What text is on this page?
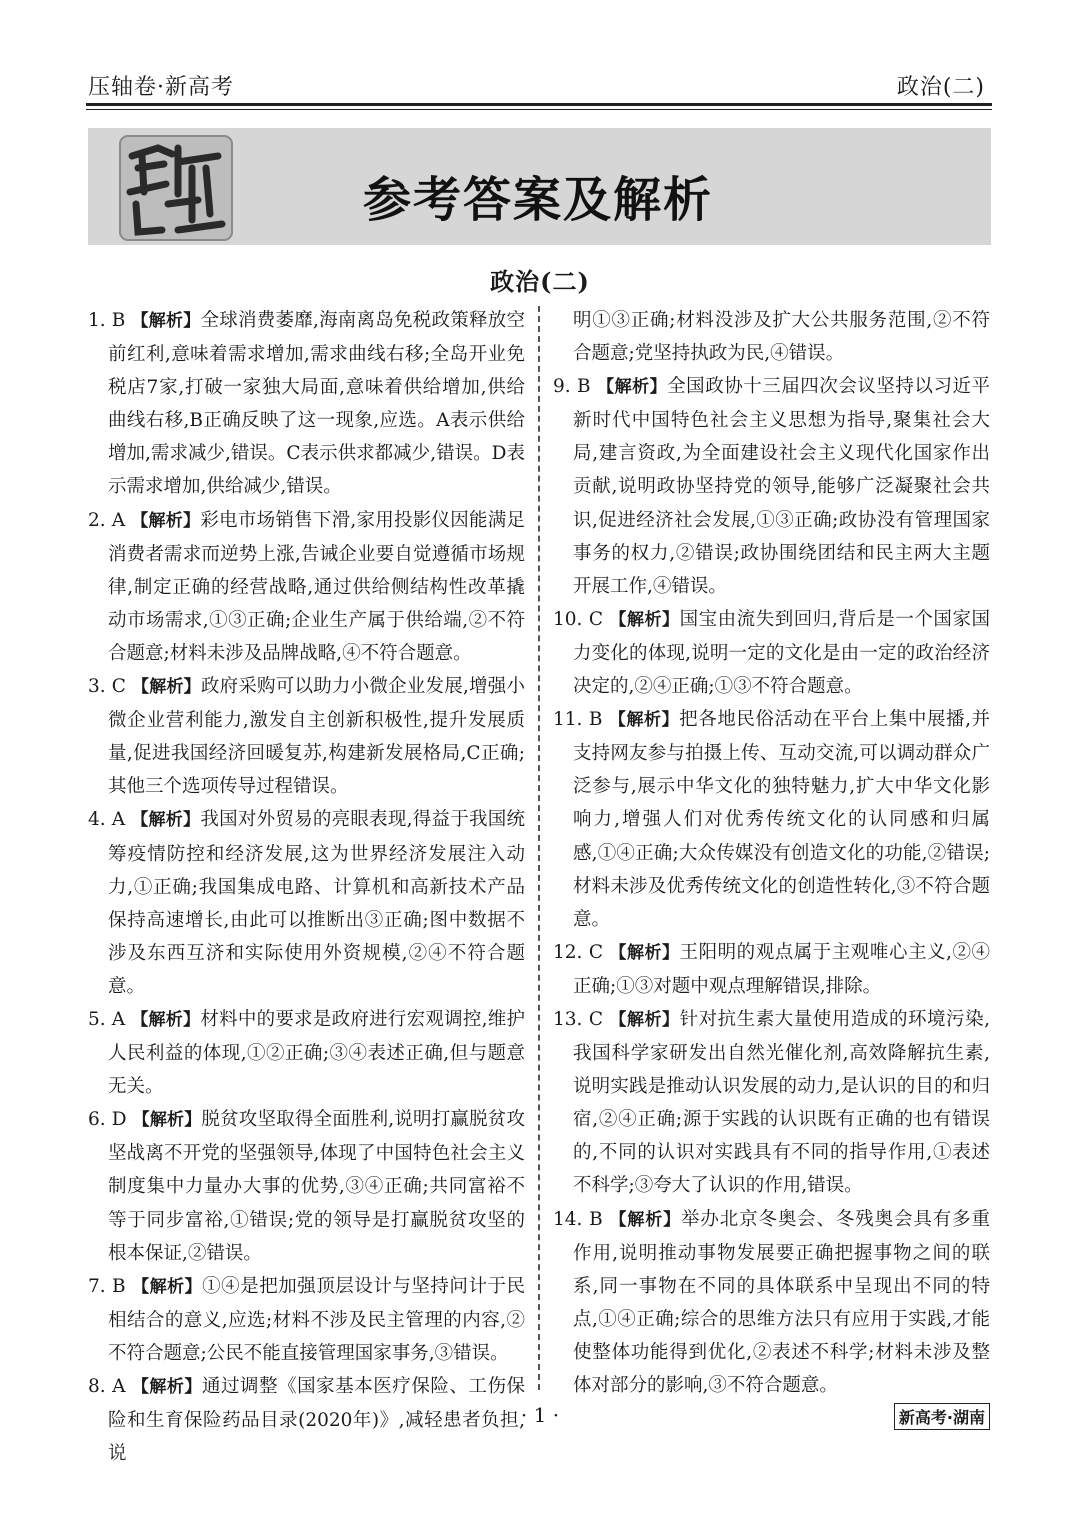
压轴卷·新高考	政治(二)
参考答案及解析
政治(二)
1. B 【解析】全球消费萎靡,海南离岛免税政策释放空前红利,意味着需求增加,需求曲线右移;全岛开业免税店7家,打破一家独大局面,意味着供给增加,供给曲线右移,B正确反映了这一现象,应选。A表示供给增加,需求减少,错误。C表示供求都减少,错误。D表示需求增加,供给减少,错误。
2. A 【解析】彩电市场销售下滑,家用投影仪因能满足消费者需求而逆势上涨,告诫企业要自觉遵循市场规律,制定正确的经营战略,通过供给侧结构性改革撬动市场需求,①③正确;企业生产属于供给端,②不符合题意;材料未涉及品牌战略,④不符合题意。
3. C 【解析】政府采购可以助力小微企业发展,增强小微企业营利能力,激发自主创新积极性,提升发展质量,促进我国经济回暖复苏,构建新发展格局,C正确;其他三个选项传导过程错误。
4. A 【解析】我国对外贸易的亮眼表现,得益于我国统筹疫情防控和经济发展,这为世界经济发展注入动力,①正确;我国集成电路、计算机和高新技术产品保持高速增长,由此可以推断出③正确;图中数据不涉及东西互济和实际使用外资规模,②④不符合题意。
5. A 【解析】材料中的要求是政府进行宏观调控,维护人民利益的体现,①②正确;③④表述正确,但与题意无关。
6. D 【解析】脱贫攻坚取得全面胜利,说明打赢脱贫攻坚战离不开党的坚强领导,体现了中国特色社会主义制度集中力量办大事的优势,③④正确;共同富裕不等于同步富裕,①错误;党的领导是打赢脱贫攻坚的根本保证,②错误。
7. B 【解析】①④是把加强顶层设计与坚持问计于民相结合的意义,应选;材料不涉及民主管理的内容,②不符合题意;公民不能直接管理国家事务,③错误。
8. A 【解析】通过调整《国家基本医疗保险、工伤保险和生育保险药品目录(2020年)》,减轻患者负担,说
明①③正确;材料没涉及扩大公共服务范围,②不符合题意;党坚持执政为民,④错误。
9. B 【解析】全国政协十三届四次会议坚持以习近平新时代中国特色社会主义思想为指导,聚集社会大局,建言资政,为全面建设社会主义现代化国家作出贡献,说明政协坚持党的领导,能够广泛凝聚社会共识,促进经济社会发展,①③正确;政协没有管理国家事务的权力,②错误;政协围绕团结和民主两大主题开展工作,④错误。
10. C 【解析】国宝由流失到回归,背后是一个国家国力变化的体现,说明一定的文化是由一定的政治经济决定的,②④正确;①③不符合题意。
11. B 【解析】把各地民俗活动在平台上集中展播,并支持网友参与拍摄上传、互动交流,可以调动群众广泛参与,展示中华文化的独特魅力,扩大中华文化影响力,增强人们对优秀传统文化的认同感和归属感,①④正确;大众传媒没有创造文化的功能,②错误;材料未涉及优秀传统文化的创造性转化,③不符合题意。
12. C 【解析】王阳明的观点属于主观唯心主义,②④正确;①③对题中观点理解错误,排除。
13. C 【解析】针对抗生素大量使用造成的环境污染,我国科学家研发出自然光催化剂,高效降解抗生素,说明实践是推动认识发展的动力,是认识的目的和归宿,②④正确;源于实践的认识既有正确的也有错误的,不同的认识对实践具有不同的指导作用,①表述不科学;③夸大了认识的作用,错误。
14. B 【解析】举办北京冬奥会、冬残奥会具有多重作用,说明推动事物发展要正确把握事物之间的联系,同一事物在不同的具体联系中呈现出不同的特点,①④正确;综合的思维方法只有应用于实践,才能使整体功能得到优化,②表述不科学;材料未涉及整体对部分的影响,③不符合题意。
· 1 ·	新高考·湖南
